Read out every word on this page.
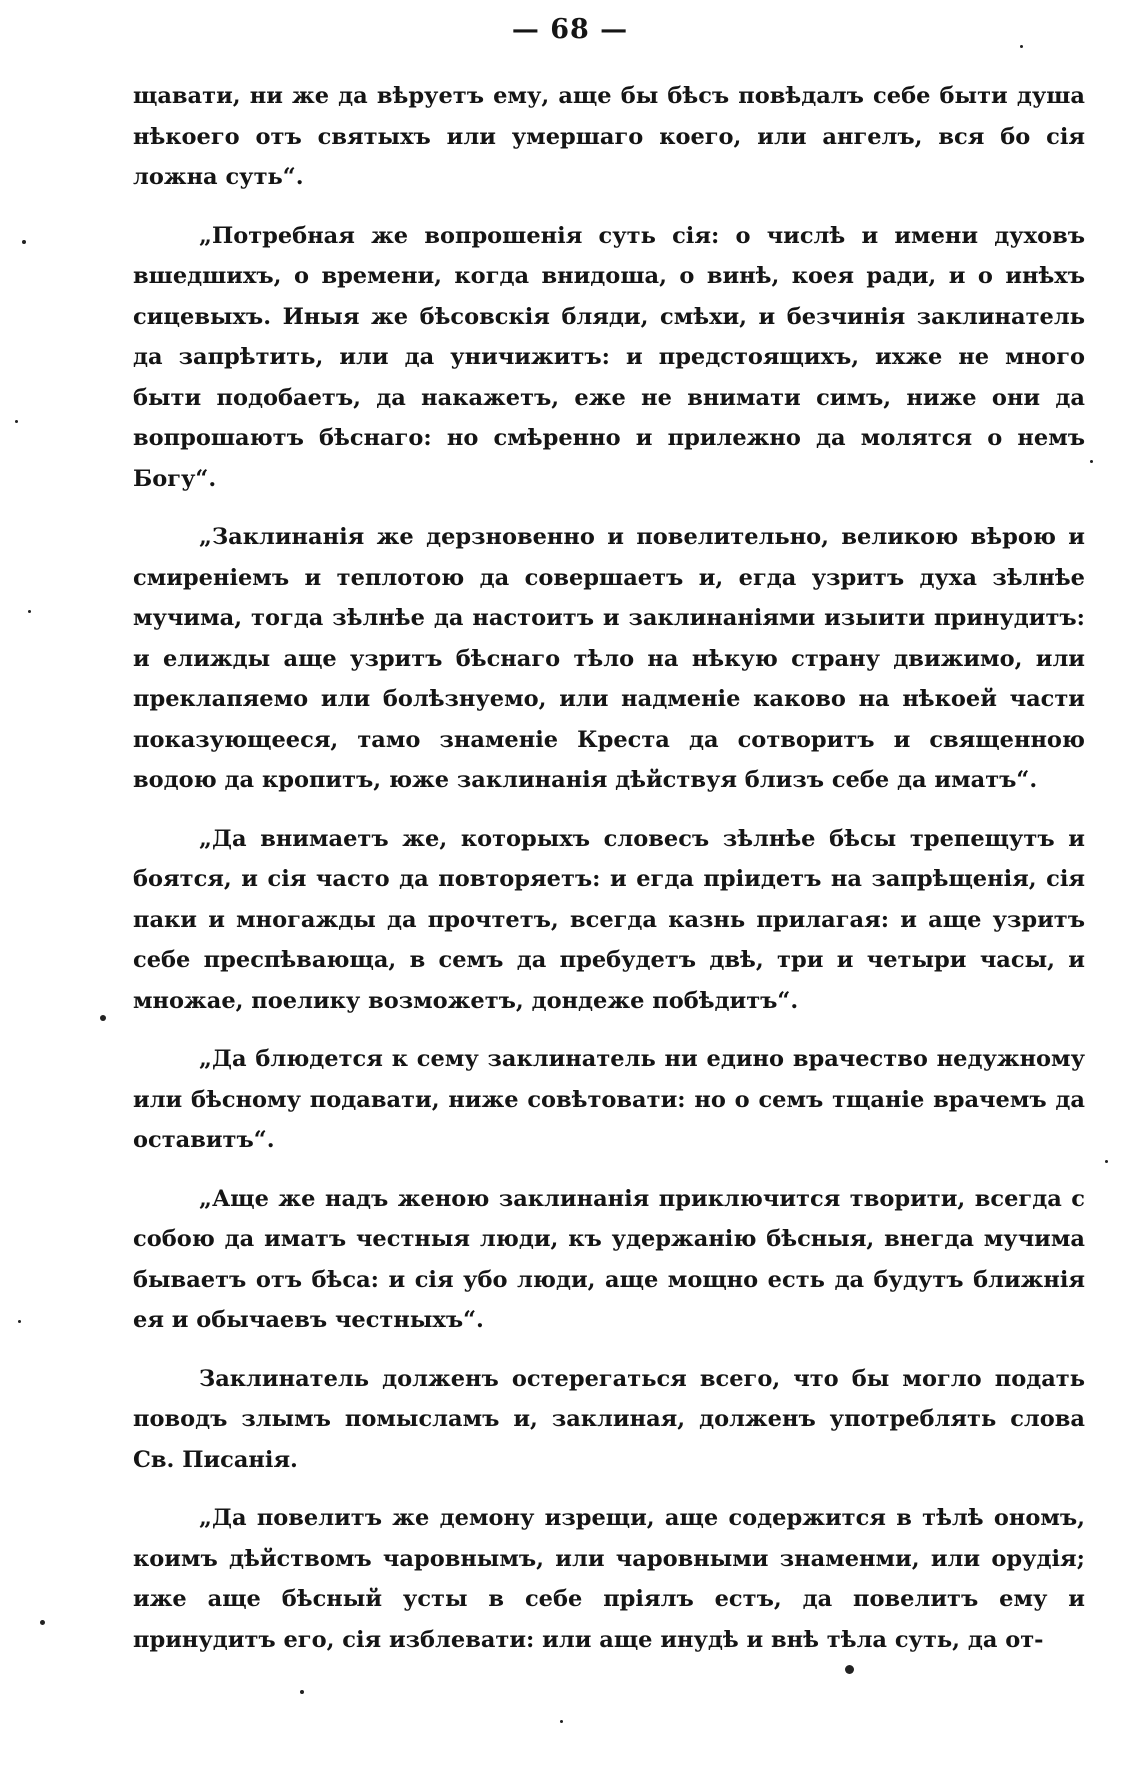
— 68 —

щавати, ни же да вѣруетъ ему, аще бы бѣсъ повѣдалъ себе быти душа нѣкоего отъ святыхъ или умершаго коего, или ангелъ, вся бо сія ложна суть“.

„Потребная же вопрошенія суть сія: о числѣ и имени духовъ вшедшихъ, о времени, когда внидоша, о винѣ, коея ради, и о инѣхъ сицевыхъ. Иныя же бѣсовскія бляди, смѣхи, и безчинія заклинатель да запрѣтить, или да уничижитъ: и предстоящихъ, ихже не много быти подобаетъ, да накажетъ, еже не внимати симъ, ниже они да вопрошаютъ бѣснаго: но смѣренно и прилежно да молятся о немъ Богу“.

„Заклинанія же дерзновенно и повелительно, великою вѣрою и смиреніемъ и теплотою да совершаетъ и, егда узритъ духа зѣлнѣе мучима, тогда зѣлнѣе да настоитъ и заклинаніями изыити принудитъ: и елижды аще узритъ бѣснаго тѣло на нѣкую страну движимо, или преклапяемо или болѣзнуемо, или надменіе каково на нѣкоей части показующееся, тамо знаменіе Креста да сотворитъ и священною водою да кропитъ, юже заклинанія дѣйствуя близъ себе да иматъ“.

„Да внимаетъ же, которыхъ словесъ зѣлнѣе бѣсы трепещутъ и боятся, и сія часто да повторяетъ: и егда пріидетъ на запрѣщенія, сія паки и многажды да прочтетъ, всегда казнь прилагая: и аще узритъ себе преспѣвающа, в семъ да пребудетъ двѣ, три и четыри часы, и множае, поелику возможетъ, дондеже побѣдитъ“.

„Да блюдется к сему заклинатель ни едино врачество недужному или бѣсному подавати, ниже совѣтовати: но о семъ тщаніе врачемъ да оставитъ“.

„Аще же надъ женою заклинанія приключится творити, всегда с собою да иматъ честныя люди, къ удержанію бѣсныя, внегда мучима бываетъ отъ бѣса: и сія убо люди, аще мощно есть да будутъ ближнія ея и обычаевъ честныхъ“.

Заклинатель долженъ остерегаться всего, что бы могло подать поводъ злымъ помысламъ и, заклиная, долженъ употреблять слова Св. Писанія.

„Да повелитъ же демону изрещи, аще содержится в тѣлѣ ономъ, коимъ дѣйствомъ чаровнымъ, или чаровными знаменми, или орудія; иже аще бѣсный усты в себе пріялъ естъ, да повелитъ ему и принудитъ его, сія изблевати: или аще инудѣ и внѣ тѣла суть, да от-
